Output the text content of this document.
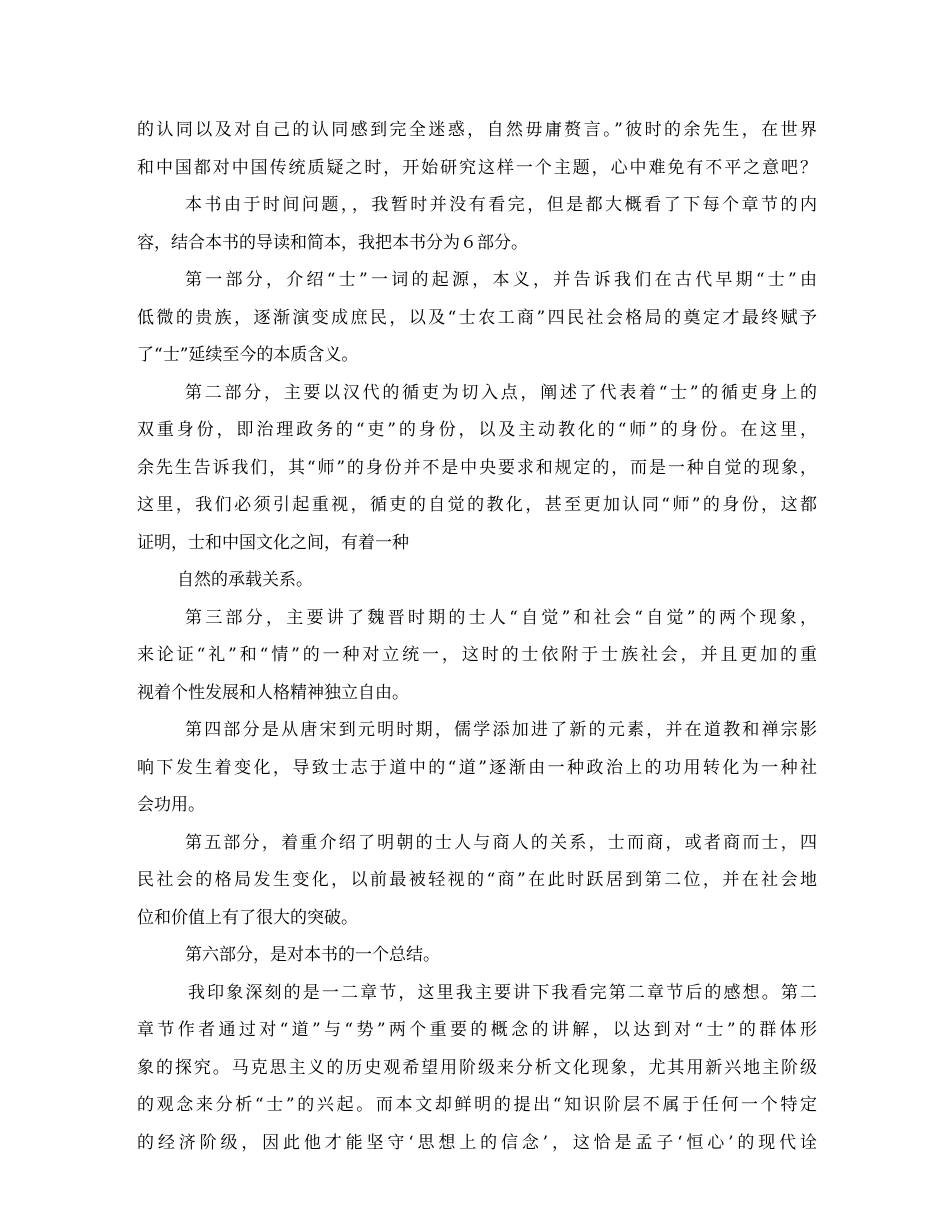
的认同以及对自己的认同感到完全迷惑，自然毋庸赘言。”彼时的余先生，在世界
和中国都对中国传统质疑之时，开始研究这样一个主题，心中难免有不平之意吧？
本书由于时间问题，，我暂时并没有看完，但是都大概看了下每个章节的内
容，结合本书的导读和简本，我把本书分为６部分。
第一部分，介绍“士”一词的起源，本义，并告诉我们在古代早期“士”由
低微的贵族，逐渐演变成庶民，以及“士农工商”四民社会格局的奠定才最终赋予
了“士”延续至今的本质含义。
第二部分，主要以汉代的循吏为切入点，阐述了代表着“士”的循吏身上的
双重身份，即治理政务的“吏”的身份，以及主动教化的“师”的身份。在这里，
余先生告诉我们，其“师”的身份并不是中央要求和规定的，而是一种自觉的现象，
这里，我们必须引起重视，循吏的自觉的教化，甚至更加认同“师”的身份，这都
证明，士和中国文化之间，有着一种
自然的承载关系。
第三部分，主要讲了魏晋时期的士人“自觉”和社会“自觉”的两个现象，
来论证“礼”和“情”的一种对立统一，这时的士依附于士族社会，并且更加的重
视着个性发展和人格精神独立自由。
第四部分是从唐宋到元明时期，儒学添加进了新的元素，并在道教和禅宗影
响下发生着变化，导致士志于道中的“道”逐渐由一种政治上的功用转化为一种社
会功用。
第五部分，着重介绍了明朝的士人与商人的关系，士而商，或者商而士，四
民社会的格局发生变化，以前最被轻视的“商”在此时跃居到第二位，并在社会地
位和价值上有了很大的突破。
第六部分，是对本书的一个总结。
我印象深刻的是一二章节，这里我主要讲下我看完第二章节后的感想。第二
章节作者通过对“道”与“势”两个重要的概念的讲解，以达到对“士”的群体形
象的探究。马克思主义的历史观希望用阶级来分析文化现象，尤其用新兴地主阶级
的观念来分析“士”的兴起。而本文却鲜明的提出“知识阶层不属于任何一个特定
的经济阶级，因此他才能坚守‘思想上的信念’，这恰是孟子‘恒心’的现代诠
